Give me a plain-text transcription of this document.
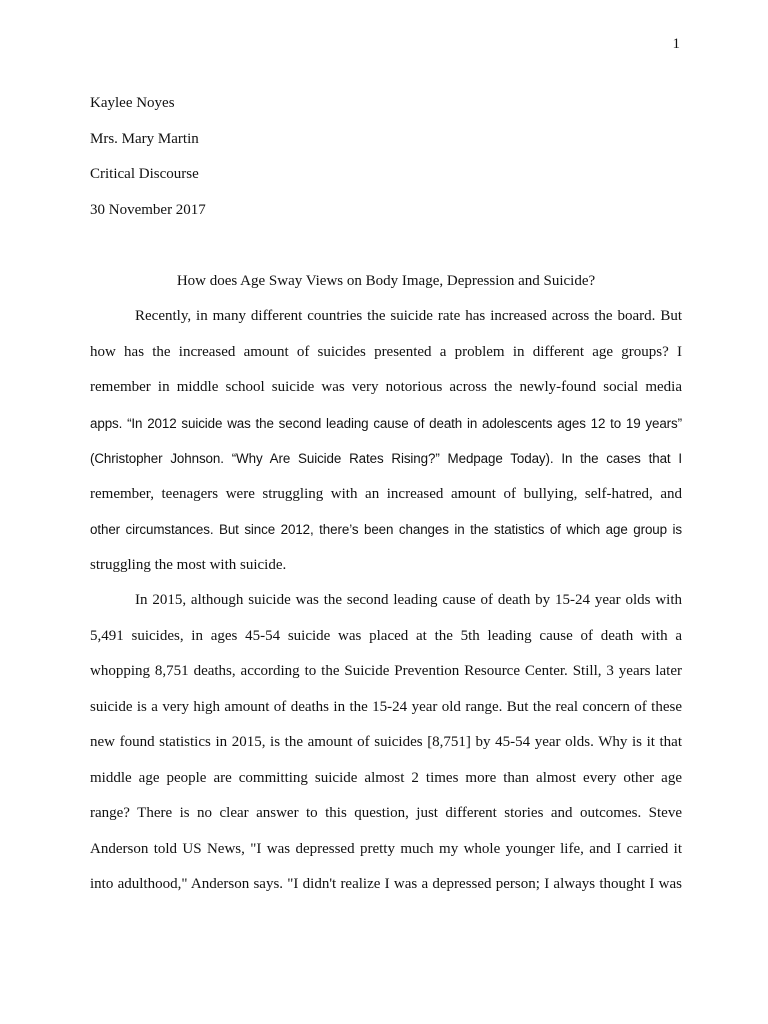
1
Kaylee Noyes
Mrs. Mary Martin
Critical Discourse
30 November 2017
How does Age Sway Views on Body Image, Depression and Suicide?

Recently, in many different countries the suicide rate has increased across the board. But
how has the increased amount of suicides presented a problem in different age groups? I
remember in middle school suicide was very notorious across the newly-found social media
apps. “In 2012 suicide was the second leading cause of death in adolescents ages 12 to 19 years”
(Christopher Johnson. “Why Are Suicide Rates Rising?” Medpage Today). In the cases that I
remember, teenagers were struggling with an increased amount of bullying, self-hatred, and
other circumstances. But since 2012, there’s been changes in the statistics of which age group is
struggling the most with suicide.

In 2015, although suicide was the second leading cause of death by 15-24 year olds with
5,491 suicides, in ages 45-54 suicide was placed at the 5th leading cause of death with a
whopping 8,751 deaths, according to the Suicide Prevention Resource Center. Still, 3 years later
suicide is a very high amount of deaths in the 15-24 year old range. But the real concern of these
new found statistics in 2015, is the amount of suicides [8,751] by 45-54 year olds. Why is it that
middle age people are committing suicide almost 2 times more than almost every other age
range? There is no clear answer to this question, just different stories and outcomes. Steve
Anderson told US News, "I was depressed pretty much my whole younger life, and I carried it
into adulthood," Anderson says. "I didn't realize I was a depressed person; I always thought I was
